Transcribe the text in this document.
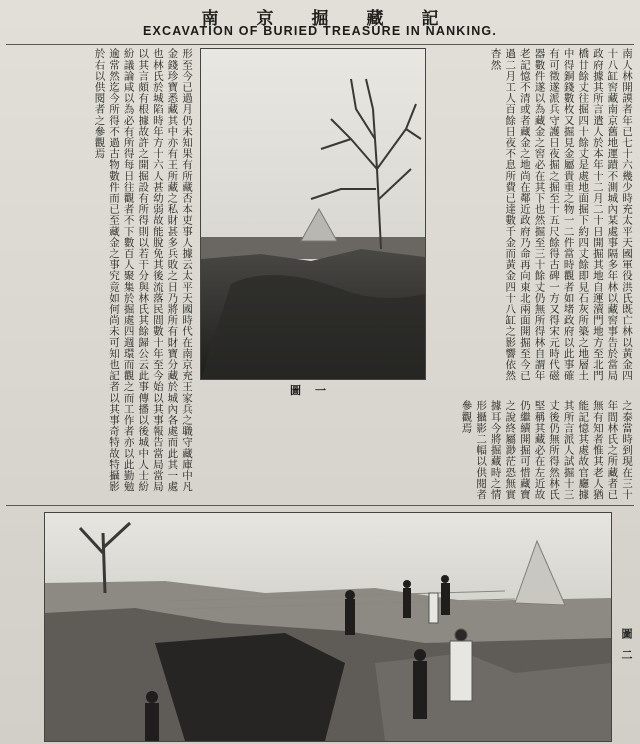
南京掘藏記
EXCAVATION OF BURIED TREASURE IN NANKING.
南人林開謨者年已七十六幾少時充太平天國軍役洪氏既亡林以黃金四十八缸窖藏南京舊地運蹟不測城內某處事隔多年林以藏窖事告於當局政府據其所言遣人於本年十二月二十日開掘其地自運瀆門地方至北門橋廿餘丈往掘四十餘丈是處地面掘下約四丈餘即見石灰所築之地層土中得銅錢數枚又掘見金屬貴重之物一二件當時觀者如堵政府以此事確有可徵遂派兵守護日夜掘之掘至十五尺餘得古碑一方又得宋元時代磁器數件遂以為藏金之窖必在其下也然掘至三十餘丈仍無所得林自謂年老記憶不清或者藏金之地尚在鄰近政府乃命再向東北兩面開掘至今已過二月工人百餘日夜不息所費已達數千金而黃金四十八缸之影響依然杳然
圖一
形至今已過月仍未知果有所藏否本吏事人據云太平天國時代在南京充王家兵之職守藏庫中凡金錢珍寶悉藏其中亦有王所藏之私財甚多兵敗之日乃將所有財寶分藏於城內各處而此其一處也林氏於城陷時年方十六人甚幼弱故能脫免其後流落民間數十年至今始以其事報告當局當局以其言頗有根據故許之開掘設有所得則以若干分與林氏其餘歸公云此事傳播以後城中人士紛紛議論咸以為必有所得每日往觀者不下數百人聚集於掘處四週環而觀之而工作者亦以此勤勉逾常然迄今所得不過古物數件而已至藏金之事究竟如何尚未可知也記者以其事奇特故特攝影於右以供閱者之參觀焉
之泰當時到現在三十年間林氏之所藏者已無有知者惟其老人猶能記憶其處故官廳據其所言派人試掘十三丈後仍無所得然林氏堅稱其藏必在左近故仍繼續開掘可惜藏寶之說終屬渺茫恐無實據耳今將掘藏時之情形攝影二幅以供閱者參觀焉
圖二
